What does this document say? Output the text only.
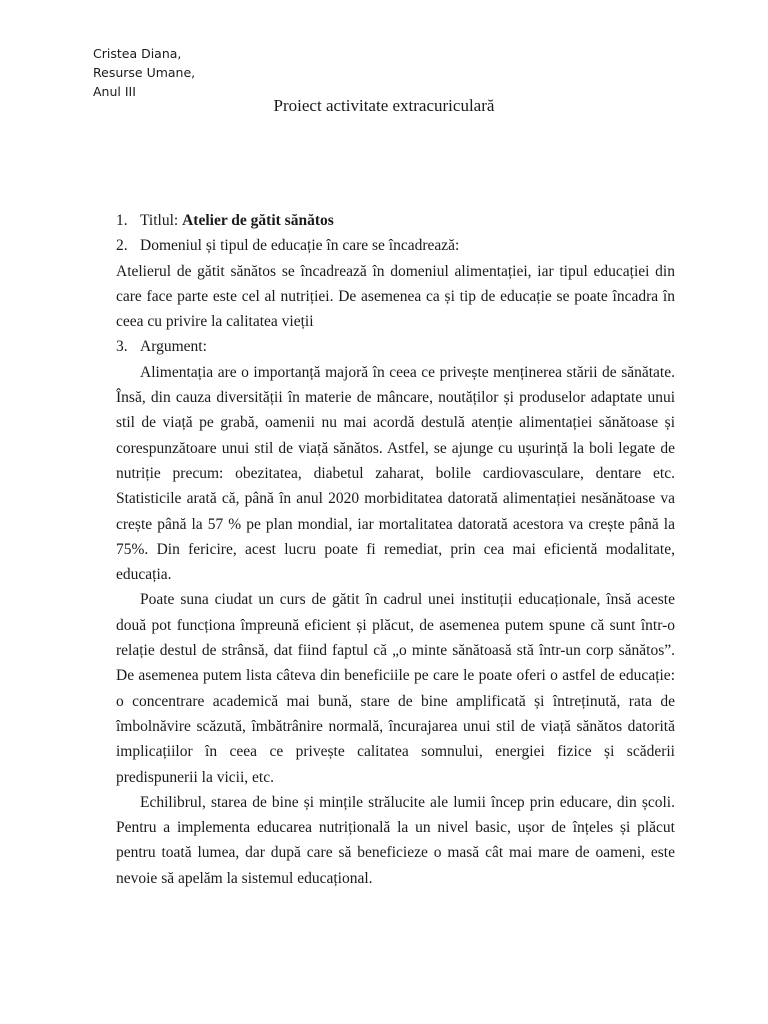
Cristea Diana,
Resurse Umane,
Anul III
Proiect activitate extracuriculară
1. Titlul: Atelier de gătit sănătos
2. Domeniul și tipul de educație în care se încadrează:

Atelierul de gătit sănătos se încadrează în domeniul alimentației, iar tipul educației din care face parte este cel al nutriției. De asemenea ca și tip de educație se poate încadra în ceea cu privire la calitatea vieții

3. Argument:

Alimentația are o importanță majoră în ceea ce privește menținerea stării de sănătate. Însă, din cauza diversității în materie de mâncare, noutăților și produselor adaptate unui stil de viață pe grabă, oamenii nu mai acordă destulă atenție alimentației sănătoase și corespunzătoare unui stil de viață sănătos. Astfel, se ajunge cu ușurință la boli legate de nutriție precum: obezitatea, diabetul zaharat, bolile cardiovasculare, dentare etc. Statisticile arată că, până în anul 2020 morbiditatea datorată alimentației nesănătoase va crește până la 57 % pe plan mondial, iar mortalitatea datorată acestora va crește până la 75%. Din fericire, acest lucru poate fi remediat, prin cea mai eficientă modalitate, educația.

Poate suna ciudat un curs de gătit în cadrul unei instituții educaționale, însă aceste două pot funcționa împreună eficient și plăcut, de asemenea putem spune că sunt într-o relație destul de strânsă, dat fiind faptul că „o minte sănătoasă stă într-un corp sănătos”. De asemenea putem lista câteva din beneficiile pe care le poate oferi o astfel de educație: o concentrare academică mai bună, stare de bine amplificată și întreținută, rata de îmbolnăvire scăzută, îmbătrânire normală, încurajarea unui stil de viață sănătos datorită implicațiilor în ceea ce privește calitatea somnului, energiei fizice și scăderii predispunerii la vicii, etc.

Echilibrul, starea de bine și mințile strălucite ale lumii încep prin educare, din școli. Pentru a implementa educarea nutrițională la un nivel basic, ușor de înțeles și plăcut pentru toată lumea, dar după care să beneficieze o masă cât mai mare de oameni, este nevoie să apelăm la sistemul educațional.
